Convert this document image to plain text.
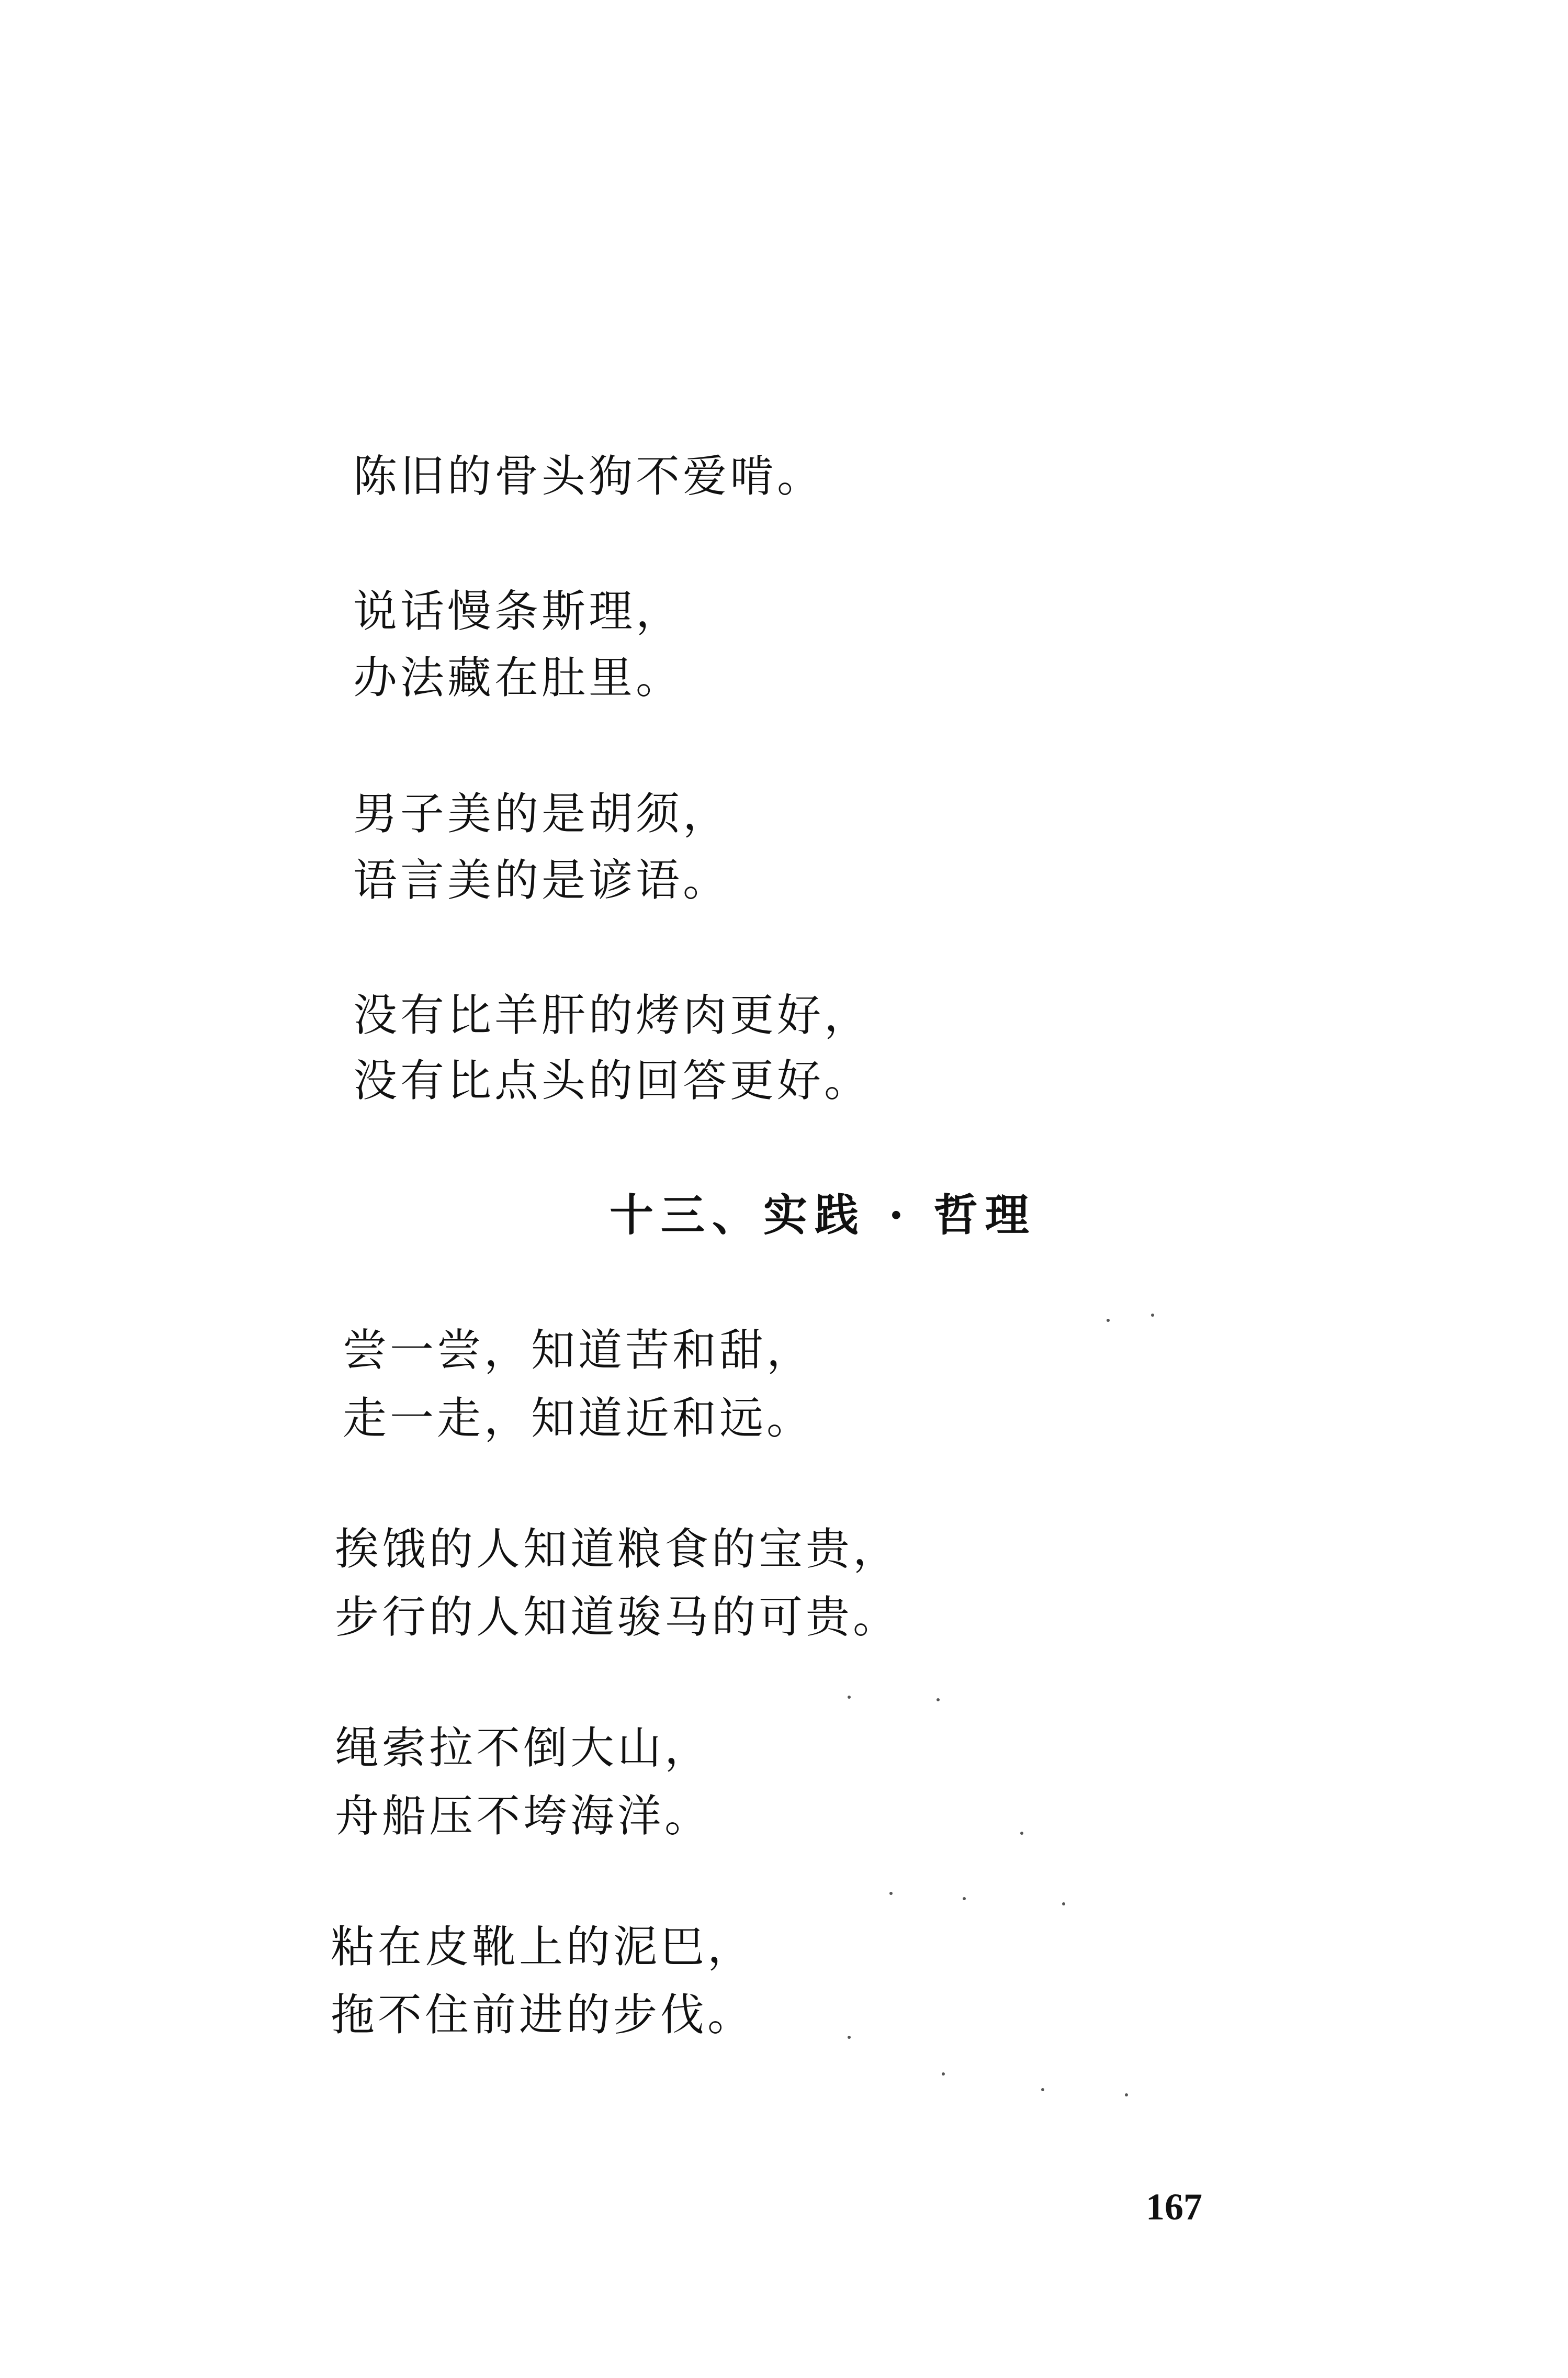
陈旧的骨头狗不爱啃。
说话慢条斯理，
办法藏在肚里。
男子美的是胡须，
语言美的是谚语。
没有比羊肝的烤肉更好，
没有比点头的回答更好。
十三、实践 · 哲理
尝一尝，知道苦和甜，
走一走，知道近和远。
挨饿的人知道粮食的宝贵，
步行的人知道骏马的可贵。
绳索拉不倒大山，
舟船压不垮海洋。
粘在皮靴上的泥巴，
拖不住前进的步伐。
167
